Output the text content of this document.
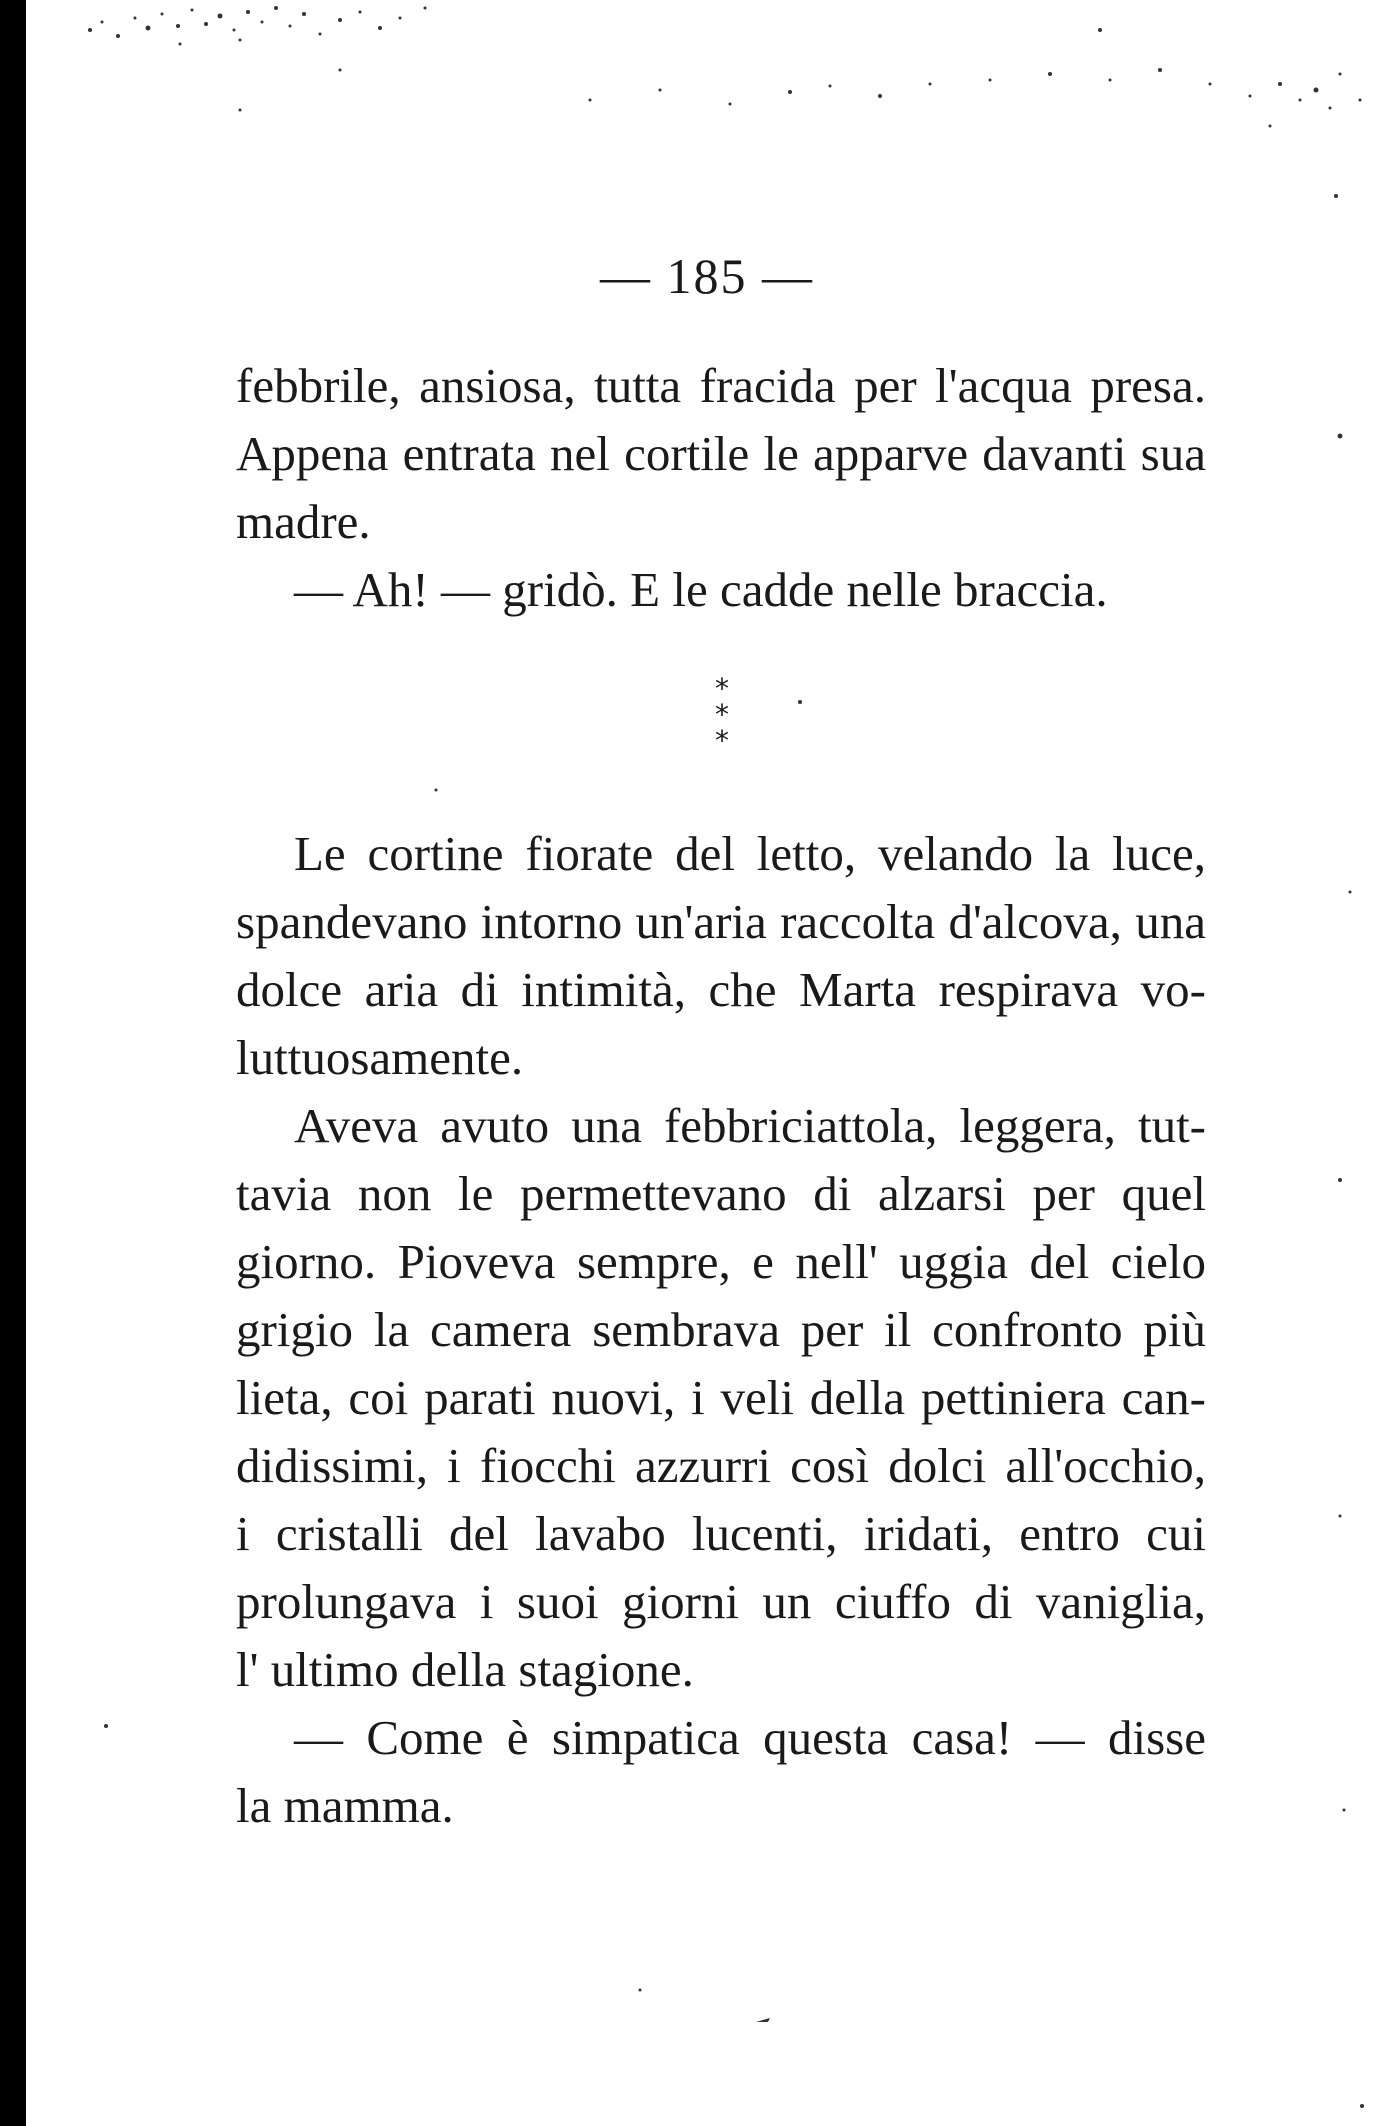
— 185 —
febbrile, ansiosa, tutta fracida per l'acqua presa.
Appena entrata nel cortile le apparve davanti sua
madre.
— Ah! — gridò. E le cadde nelle braccia.
*
* *
Le cortine fiorate del letto, velando la luce,
spandevano intorno un'aria raccolta d'alcova, una
dolce aria di intimità, che Marta respirava vo-
luttuosamente.
Aveva avuto una febbriciattola, leggera, tut-
tavia non le permettevano di alzarsi per quel
giorno. Pioveva sempre, e nell' uggia del cielo
grigio la camera sembrava per il confronto più
lieta, coi parati nuovi, i veli della pettiniera can-
didissimi, i fiocchi azzurri così dolci all'occhio,
i cristalli del lavabo lucenti, iridati, entro cui
prolungava i suoi giorni un ciuffo di vaniglia,
l' ultimo della stagione.
— Come è simpatica questa casa! — disse
la mamma.
